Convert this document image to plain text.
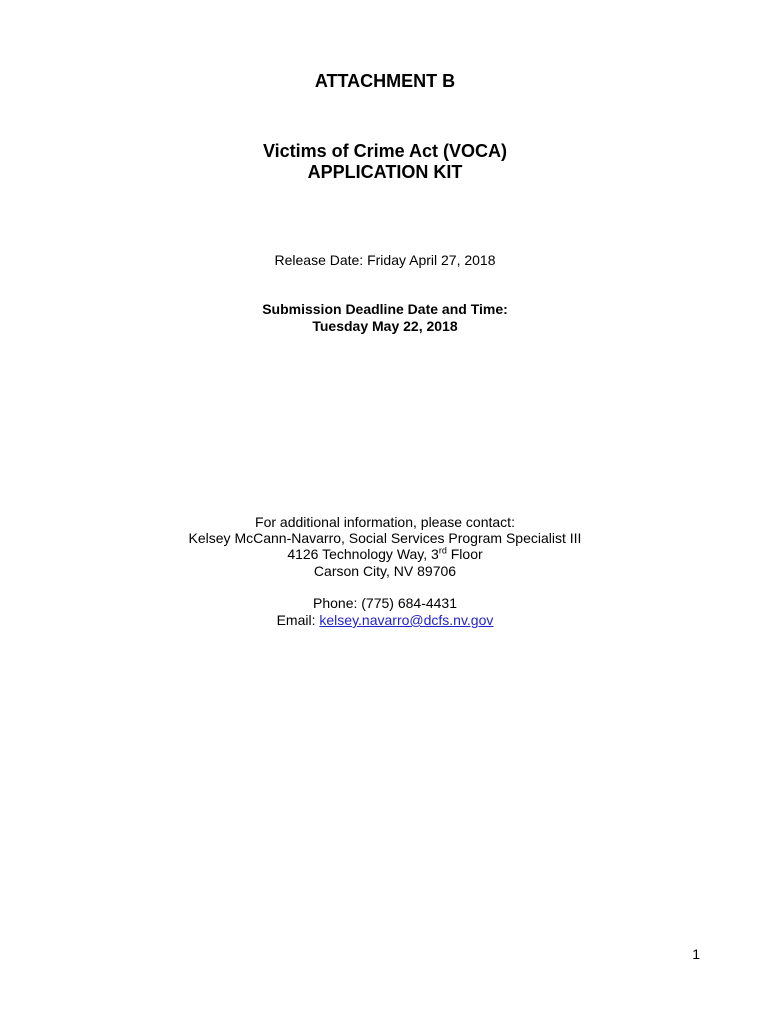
ATTACHMENT B
Victims of Crime Act (VOCA)
APPLICATION KIT
Release Date: Friday April 27, 2018
Submission Deadline Date and Time:
Tuesday May 22, 2018
For additional information, please contact:
Kelsey McCann-Navarro, Social Services Program Specialist III
4126 Technology Way, 3rd Floor
Carson City, NV 89706
Phone: (775) 684-4431
Email: kelsey.navarro@dcfs.nv.gov
1
